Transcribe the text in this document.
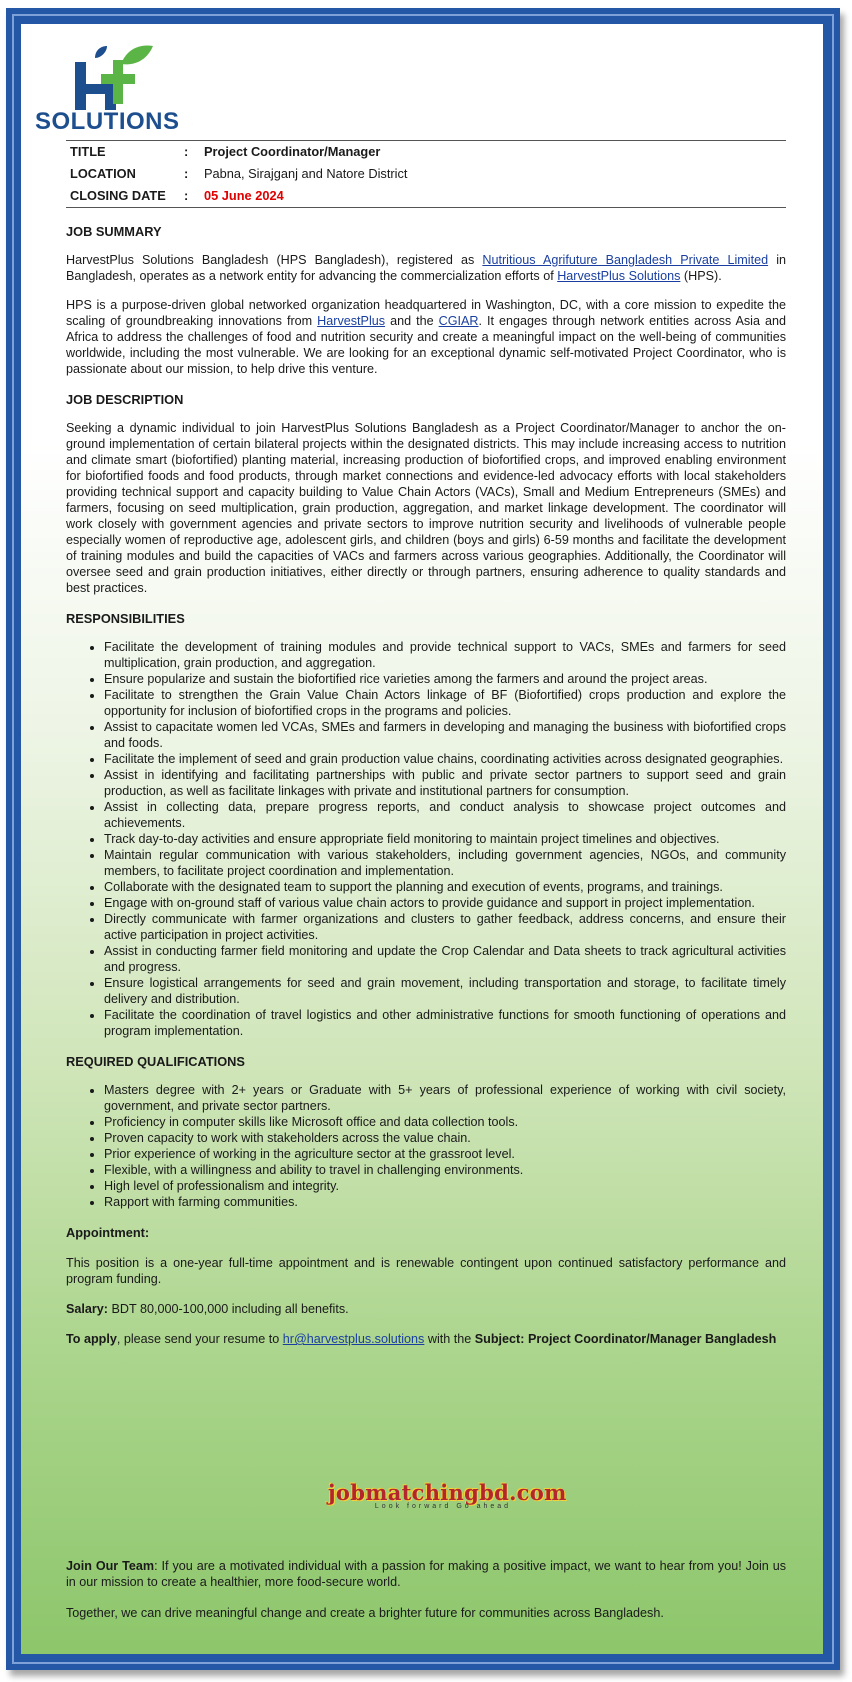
SOLUTIONS
TITLE	:	Project Coordinator/Manager
LOCATION	:	Pabna, Sirajganj and Natore District
CLOSING DATE	:	05 June 2024
JOB SUMMARY

HarvestPlus Solutions Bangladesh (HPS Bangladesh), registered as Nutritious Agrifuture Bangladesh Private Limited in Bangladesh, operates as a network entity for advancing the commercialization efforts of HarvestPlus Solutions (HPS).

HPS is a purpose-driven global networked organization headquartered in Washington, DC, with a core mission to expedite the scaling of groundbreaking innovations from HarvestPlus and the CGIAR. It engages through network entities across Asia and Africa to address the challenges of food and nutrition security and create a meaningful impact on the well-being of communities worldwide, including the most vulnerable. We are looking for an exceptional dynamic self-motivated Project Coordinator, who is passionate about our mission, to help drive this venture.

JOB DESCRIPTION

Seeking a dynamic individual to join HarvestPlus Solutions Bangladesh as a Project Coordinator/Manager to anchor the on-ground implementation of certain bilateral projects within the designated districts. This may include increasing access to nutrition and climate smart (biofortified) planting material, increasing production of biofortified crops, and improved enabling environment for biofortified foods and food products, through market connections and evidence-led advocacy efforts with local stakeholders providing technical support and capacity building to Value Chain Actors (VACs), Small and Medium Entrepreneurs (SMEs) and farmers, focusing on seed multiplication, grain production, aggregation, and market linkage development. The coordinator will work closely with government agencies and private sectors to improve nutrition security and livelihoods of vulnerable people especially women of reproductive age, adolescent girls, and children (boys and girls) 6-59 months and facilitate the development of training modules and build the capacities of VACs and farmers across various geographies. Additionally, the Coordinator will oversee seed and grain production initiatives, either directly or through partners, ensuring adherence to quality standards and best practices.

RESPONSIBILITIES
• Facilitate the development of training modules and provide technical support to VACs, SMEs and farmers for seed multiplication, grain production, and aggregation.
• Ensure popularize and sustain the biofortified rice varieties among the farmers and around the project areas.
• Facilitate to strengthen the Grain Value Chain Actors linkage of BF (Biofortified) crops production and explore the opportunity for inclusion of biofortified crops in the programs and policies.
• Assist to capacitate women led VCAs, SMEs and farmers in developing and managing the business with biofortified crops and foods.
• Facilitate the implement of seed and grain production value chains, coordinating activities across designated geographies.
• Assist in identifying and facilitating partnerships with public and private sector partners to support seed and grain production, as well as facilitate linkages with private and institutional partners for consumption.
• Assist in collecting data, prepare progress reports, and conduct analysis to showcase project outcomes and achievements.
• Track day-to-day activities and ensure appropriate field monitoring to maintain project timelines and objectives.
• Maintain regular communication with various stakeholders, including government agencies, NGOs, and community members, to facilitate project coordination and implementation.
• Collaborate with the designated team to support the planning and execution of events, programs, and trainings.
• Engage with on-ground staff of various value chain actors to provide guidance and support in project implementation.
• Directly communicate with farmer organizations and clusters to gather feedback, address concerns, and ensure their active participation in project activities.
• Assist in conducting farmer field monitoring and update the Crop Calendar and Data sheets to track agricultural activities and progress.
• Ensure logistical arrangements for seed and grain movement, including transportation and storage, to facilitate timely delivery and distribution.
• Facilitate the coordination of travel logistics and other administrative functions for smooth functioning of operations and program implementation.
REQUIRED QUALIFICATIONS
• Masters degree with 2+ years or Graduate with 5+ years of professional experience of working with civil society, government, and private sector partners.
• Proficiency in computer skills like Microsoft office and data collection tools.
• Proven capacity to work with stakeholders across the value chain.
• Prior experience of working in the agriculture sector at the grassroot level.
• Flexible, with a willingness and ability to travel in challenging environments.
• High level of professionalism and integrity.
• Rapport with farming communities.
Appointment:

This position is a one-year full-time appointment and is renewable contingent upon continued satisfactory performance and program funding.

Salary: BDT 80,000-100,000 including all benefits.

To apply, please send your resume to hr@harvestplus.solutions with the Subject: Project Coordinator/Manager Bangladesh

jobmatchingbd.com
Look forward Go ahead

Join Our Team: If you are a motivated individual with a passion for making a positive impact, we want to hear from you! Join us in our mission to create a healthier, more food-secure world.

Together, we can drive meaningful change and create a brighter future for communities across Bangladesh.
